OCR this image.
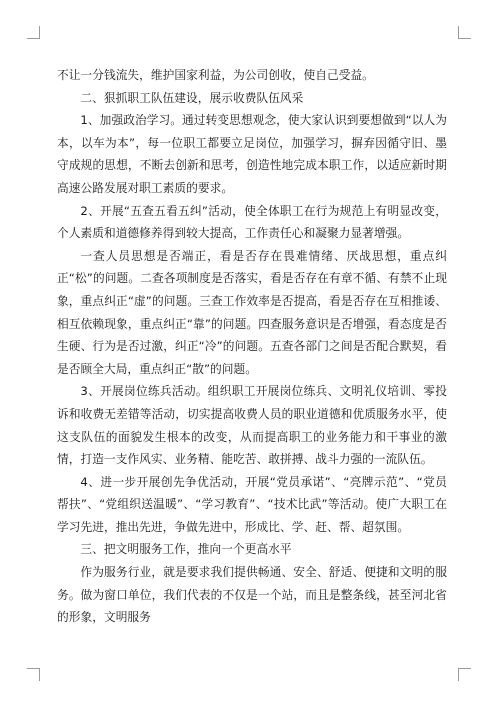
不让一分钱流失，维护国家利益，为公司创收，使自己受益。

二、狠抓职工队伍建设，展示收费队伍风采

1、加强政治学习。通过转变思想观念，使大家认识到要想做到“以人为本，以车为本”，每一位职工都要立足岗位，加强学习，摒弃因循守旧、墨守成规的思想，不断去创新和思考，创造性地完成本职工作，以适应新时期高速公路发展对职工素质的要求。

2、开展“五查五看五纠”活动，使全体职工在行为规范上有明显改变，个人素质和道德修养得到较大提高，工作责任心和凝聚力显著增强。

一查人员思想是否端正，看是否存在畏难情绪、厌战思想，重点纠正“松”的问题。二查各项制度是否落实，看是否存在有章不循、有禁不止现象，重点纠正“虚”的问题。三查工作效率是否提高，看是否存在互相推诿、相互依赖现象，重点纠正“靠”的问题。四查服务意识是否增强，看态度是否生硬、行为是否过激，纠正“冷”的问题。五查各部门之间是否配合默契，看是否顾全大局，重点纠正“散”的问题。

3、开展岗位练兵活动。组织职工开展岗位练兵、文明礼仪培训、零投诉和收费无差错等活动，切实提高收费人员的职业道德和优质服务水平，使这支队伍的面貌发生根本的改变，从而提高职工的业务能力和干事业的激情，打造一支作风实、业务精、能吃苦、敢拼搏、战斗力强的一流队伍。

4、进一步开展创先争优活动，开展“党员承诺”、“亮牌示范”、“党员帮扶”、“党组织送温暖”、“学习教育”、“技术比武”等活动。使广大职工在学习先进，推出先进，争做先进中，形成比、学、赶、帮、超氛围。

三、把文明服务工作，推向一个更高水平

作为服务行业，就是要求我们提供畅通、安全、舒适、便捷和文明的服务。做为窗口单位，我们代表的不仅是一个站，而且是整条线，甚至河北省的形象，文明服务
